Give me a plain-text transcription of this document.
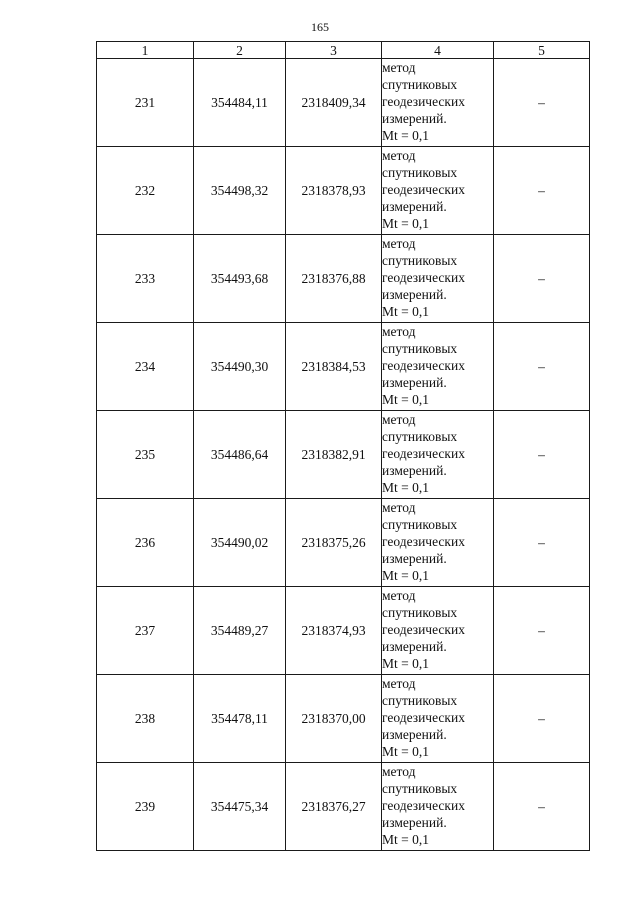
165
1	2	3	4	5
231	354484,11	2318409,34	метод
спутниковых
геодезических
измерений.
Mt = 0,1	–
232	354498,32	2318378,93	метод
спутниковых
геодезических
измерений.
Mt = 0,1	–
233	354493,68	2318376,88	метод
спутниковых
геодезических
измерений.
Mt = 0,1	–
234	354490,30	2318384,53	метод
спутниковых
геодезических
измерений.
Mt = 0,1	–
235	354486,64	2318382,91	метод
спутниковых
геодезических
измерений.
Mt = 0,1	–
236	354490,02	2318375,26	метод
спутниковых
геодезических
измерений.
Mt = 0,1	–
237	354489,27	2318374,93	метод
спутниковых
геодезических
измерений.
Mt = 0,1	–
238	354478,11	2318370,00	метод
спутниковых
геодезических
измерений.
Mt = 0,1	–
239	354475,34	2318376,27	метод
спутниковых
геодезических
измерений.
Mt = 0,1	–
